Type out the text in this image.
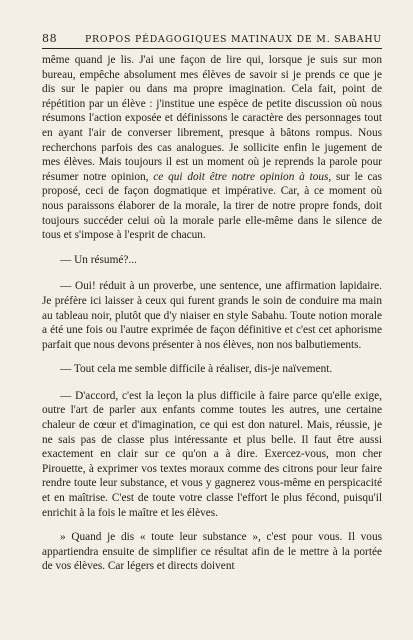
88	PROPOS PÉDAGOGIQUES MATINAUX DE M. SABAHU

même quand je lis. J'ai une façon de lire qui, lorsque je suis sur mon bureau, empêche absolument mes élèves de savoir si je prends ce que je dis sur le papier ou dans ma propre imagination. Cela fait, point de répétition par un élève : j'institue une espèce de petite discussion où nous résumons l'action exposée et définissons le caractère des personnages tout en ayant l'air de converser librement, presque à bâtons rompus. Nous recherchons parfois des cas analogues. Je sollicite enfin le jugement de mes élèves. Mais toujours il est un moment où je reprends la parole pour résumer notre opinion, ce qui doit être notre opinion à tous, sur le cas proposé, ceci de façon dogmatique et impérative. Car, à ce moment où nous paraissons élaborer de la morale, la tirer de notre propre fonds, doit toujours succéder celui où la morale parle elle-même dans le silence de tous et s'impose à l'esprit de chacun.

— Un résumé?...

— Oui! réduit à un proverbe, une sentence, une affirmation lapidaire. Je préfère ici laisser à ceux qui furent grands le soin de conduire ma main au tableau noir, plutôt que d'y niaiser en style Sabahu. Toute notion morale a été une fois ou l'autre exprimée de façon définitive et c'est cet aphorisme parfait que nous devons présenter à nos élèves, non nos balbutiements.

— Tout cela me semble difficile à réaliser, dis-je naïvement.

— D'accord, c'est la leçon la plus difficile à faire parce qu'elle exige, outre l'art de parler aux enfants comme toutes les autres, une certaine chaleur de cœur et d'imagination, ce qui est don naturel. Mais, réussie, je ne sais pas de classe plus intéressante et plus belle. Il faut être aussi exactement en clair sur ce qu'on a à dire. Exercez-vous, mon cher Pirouette, à exprimer vos textes moraux comme des citrons pour leur faire rendre toute leur substance, et vous y gagnerez vous-même en perspicacité et en maîtrise. C'est de toute votre classe l'effort le plus fécond, puisqu'il enrichit à la fois le maître et les élèves.

» Quand je dis « toute leur substance », c'est pour vous. Il vous appartiendra ensuite de simplifier ce résultat afin de le mettre à la portée de vos élèves. Car légers et directs doivent
